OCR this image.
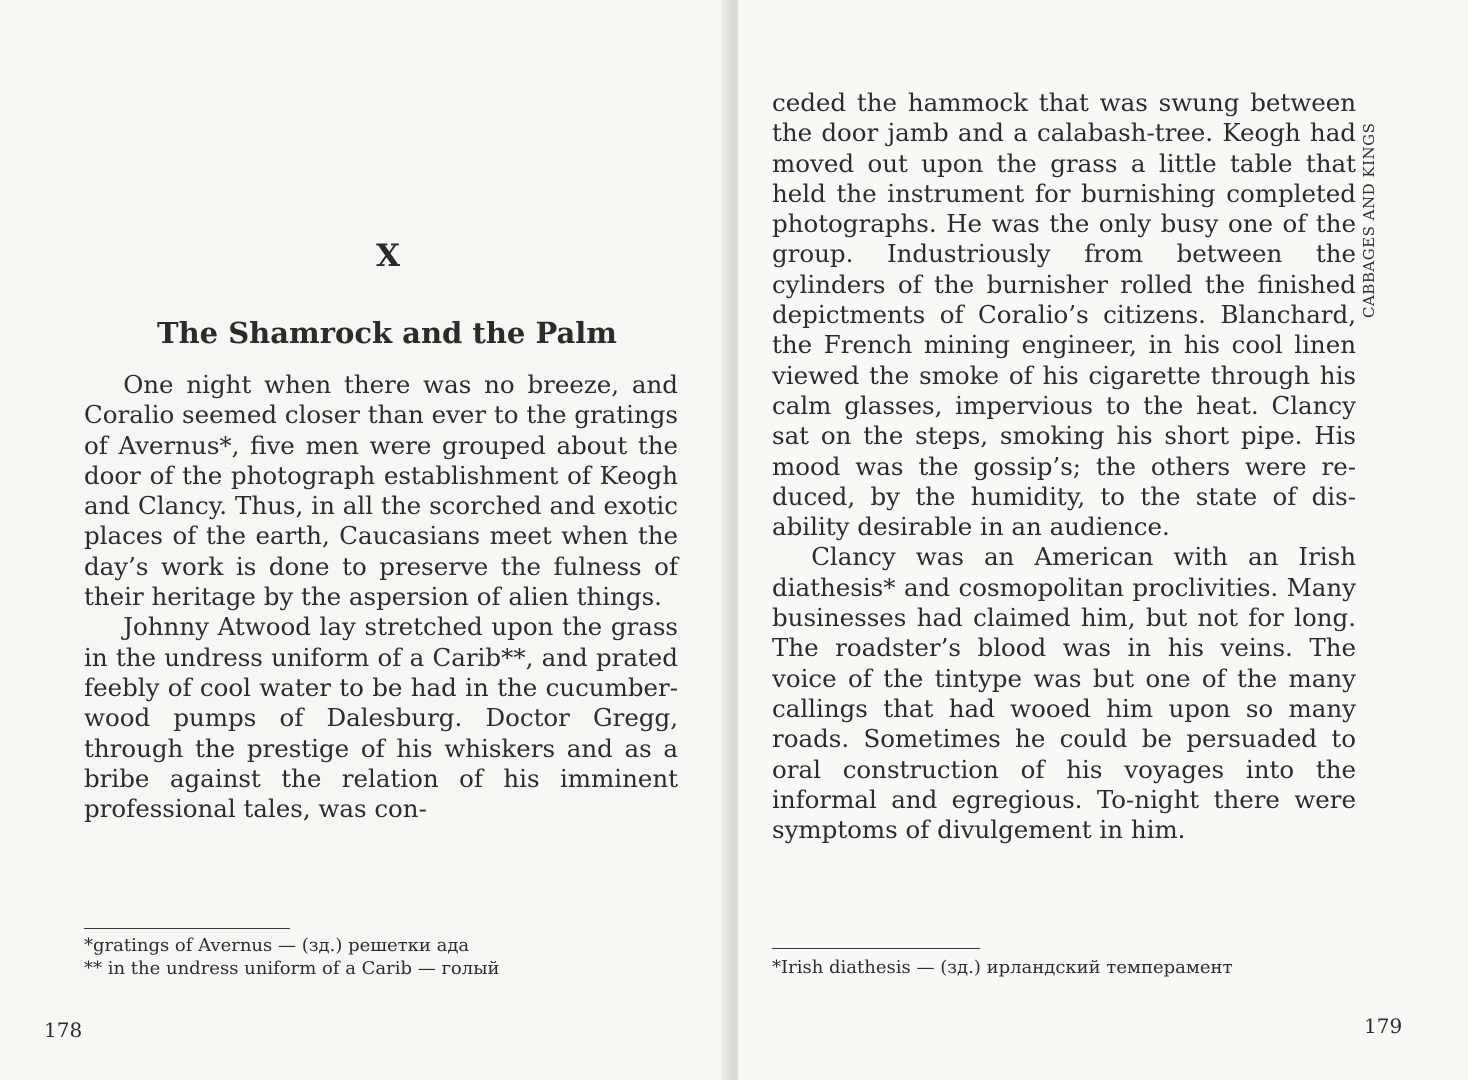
X
The Shamrock and the Palm

One night when there was no breeze, and Coralio seemed closer than ever to the gratings of Avernus*, five men were grouped about the door of the photograph establishment of Keogh and Clancy. Thus, in all the scorched and exotic places of the earth, Caucasians meet when the day’s work is done to preserve the fulness of their heritage by the aspersion of alien things.

Johnny Atwood lay stretched upon the grass in the undress uniform of a Carib**, and prated feebly of cool water to be had in the cucumber-wood pumps of Dalesburg. Doctor Gregg, through the prestige of his whiskers and as a bribe against the relation of his imminent professional tales, was con-

*gratings of Avernus — (зд.) решетки ада

** in the undress uniform of a Carib — голый

178
CABBAGES AND KINGS

ceded the hammock that was swung between the door jamb and a calabash-tree. Keogh had moved out upon the grass a little table that held the instrument for burnishing completed photographs. He was the only busy one of the group. Industriously from between the cylinders of the burnisher rolled the finished depictments of Coralio’s citizens. Blanchard, the French mining engineer, in his cool linen viewed the smoke of his cigarette through his calm glasses, impervious to the heat. Clancy sat on the steps, smoking his short pipe. His mood was the gossip’s; the others were reduced, by the humidity, to the state of disability desirable in an audience.

Clancy was an American with an Irish diathesis* and cosmopolitan proclivities. Many businesses had claimed him, but not for long. The roadster’s blood was in his veins. The voice of the tintype was but one of the many callings that had wooed him upon so many roads. Sometimes he could be persuaded to oral construction of his voyages into the informal and egregious. To-night there were symptoms of divulgement in him.

*Irish diathesis — (зд.) ирландский темперамент

179
